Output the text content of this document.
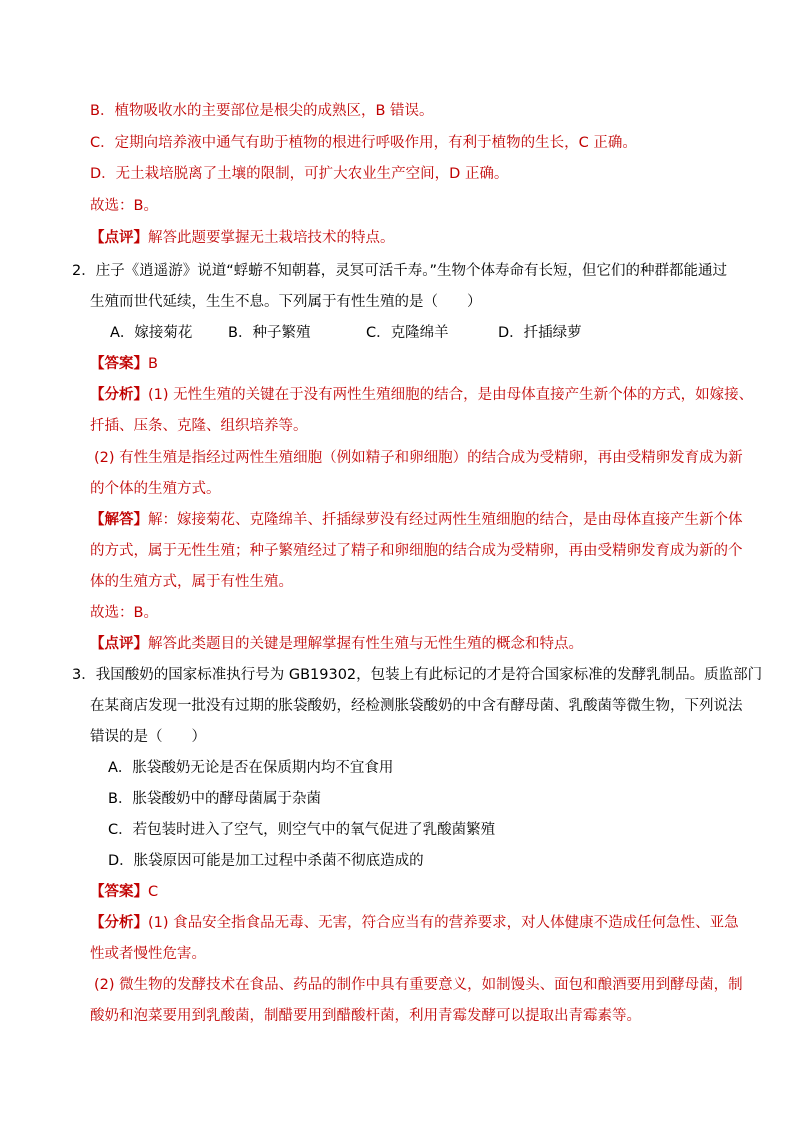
B．植物吸收水的主要部位是根尖的成熟区，B 错误。
C．定期向培养液中通气有助于植物的根进行呼吸作用，有利于植物的生长，C 正确。
D．无土栽培脱离了土壤的限制，可扩大农业生产空间，D 正确。
故选：B。
【点评】解答此题要掌握无土栽培技术的特点。
2．庄子《逍遥游》说道“蜉蝣不知朝暮，灵冥可活千寿。”生物个体寿命有长短，但它们的种群都能通过
生殖而世代延续，生生不息。下列属于有性生殖的是（　　）
A．嫁接菊花 B．种子繁殖	C．克隆绵羊	D．扦插绿萝
【答案】B
【分析】(1) 无性生殖的关键在于没有两性生殖细胞的结合，是由母体直接产生新个体的方式，如嫁接、
扦插、压条、克隆、组织培养等。
(2) 有性生殖是指经过两性生殖细胞（例如精子和卵细胞）的结合成为受精卵，再由受精卵发育成为新
的个体的生殖方式。
【解答】解：嫁接菊花、克隆绵羊、扦插绿萝没有经过两性生殖细胞的结合，是由母体直接产生新个体
的方式，属于无性生殖；种子繁殖经过了精子和卵细胞的结合成为受精卵，再由受精卵发育成为新的个
体的生殖方式，属于有性生殖。
故选：B。
【点评】解答此类题目的关键是理解掌握有性生殖与无性生殖的概念和特点。
3．我国酸奶的国家标准执行号为 GB19302，包装上有此标记的才是符合国家标准的发酵乳制品。质监部门
在某商店发现一批没有过期的胀袋酸奶，经检测胀袋酸奶的中含有酵母菌、乳酸菌等微生物，下列说法
错误的是（　　）
A．胀袋酸奶无论是否在保质期内均不宜食用
B．胀袋酸奶中的酵母菌属于杂菌
C．若包装时进入了空气，则空气中的氧气促进了乳酸菌繁殖
D．胀袋原因可能是加工过程中杀菌不彻底造成的
【答案】C
【分析】(1) 食品安全指食品无毒、无害，符合应当有的营养要求，对人体健康不造成任何急性、亚急
性或者慢性危害。
(2) 微生物的发酵技术在食品、药品的制作中具有重要意义，如制馒头、面包和酿酒要用到酵母菌，制
酸奶和泡菜要用到乳酸菌，制醋要用到醋酸杆菌，利用青霉发酵可以提取出青霉素等。
